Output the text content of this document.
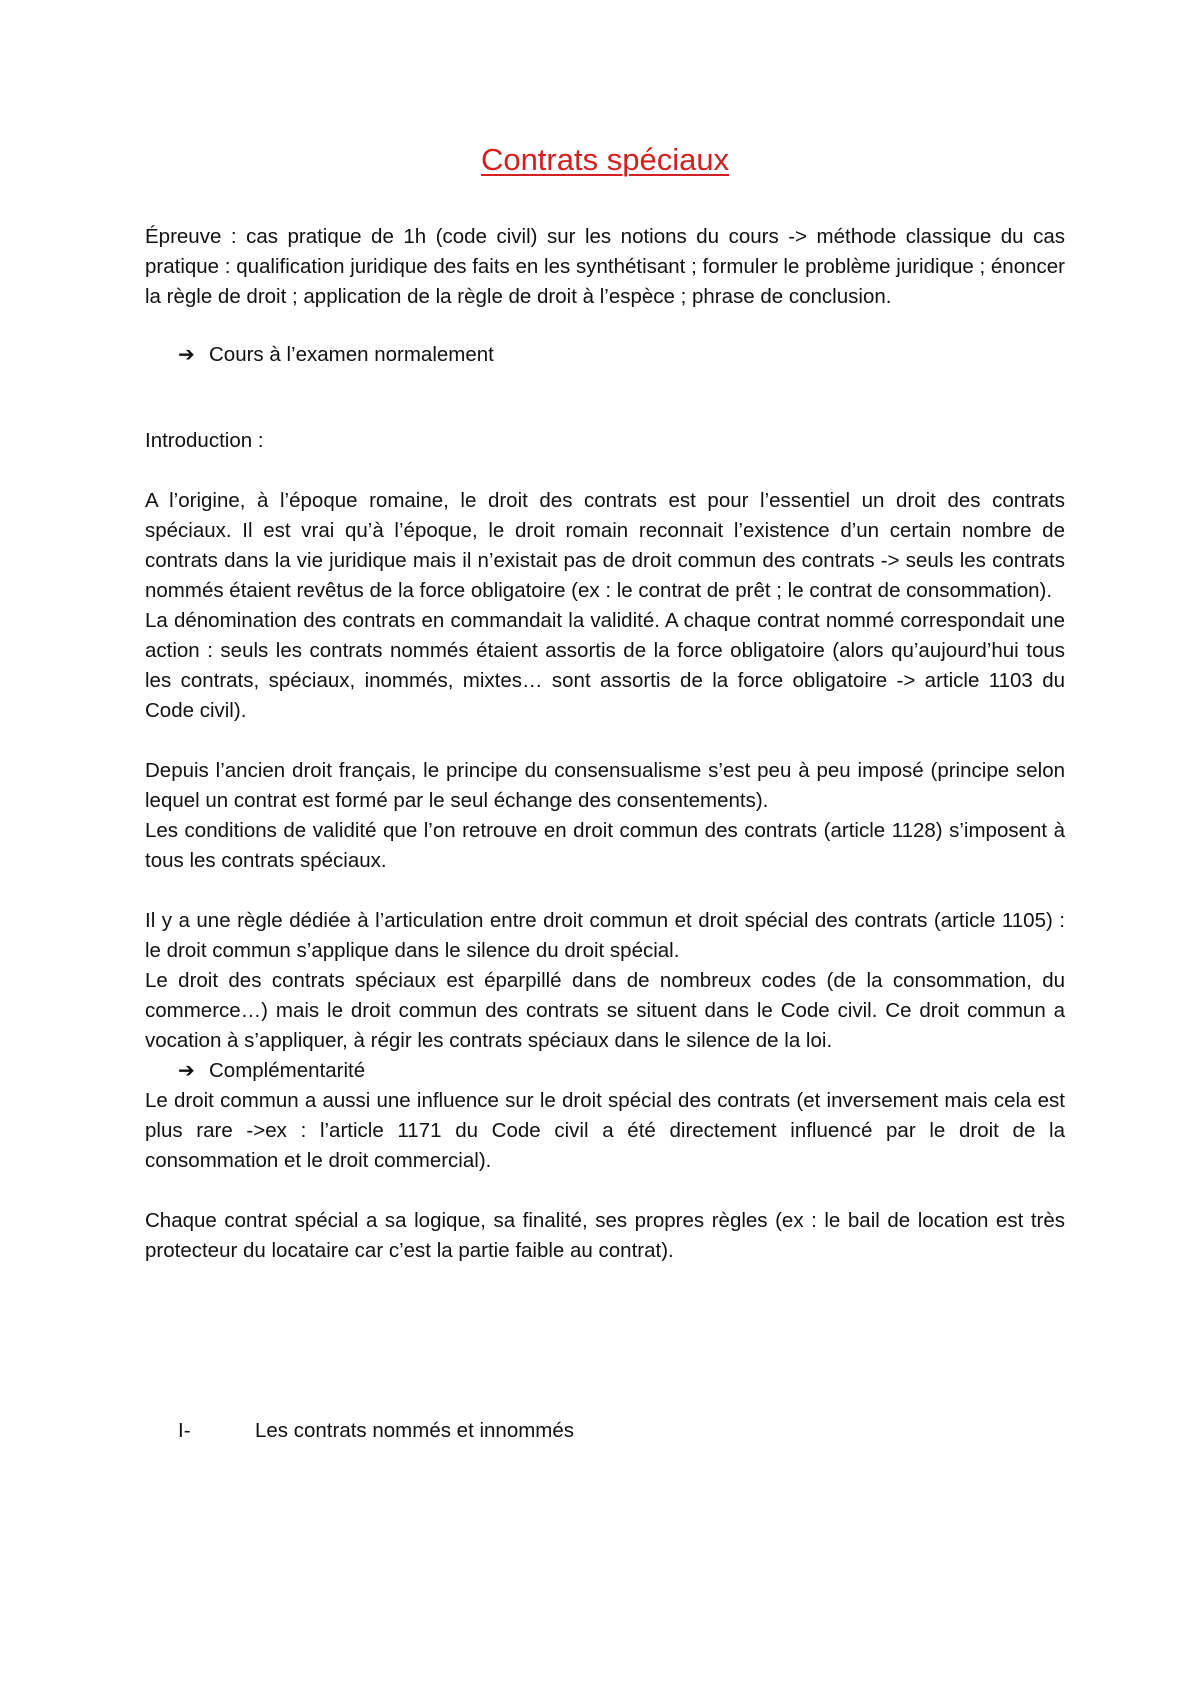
Contrats spéciaux

Épreuve : cas pratique de 1h (code civil) sur les notions du cours -> méthode classique du cas pratique : qualification juridique des faits en les synthétisant ; formuler le problème juridique ; énoncer la règle de droit ; application de la règle de droit à l’espèce ; phrase de conclusion.

➔ Cours à l’examen normalement

Introduction :

A l’origine, à l’époque romaine, le droit des contrats est pour l’essentiel un droit des contrats spéciaux. Il est vrai qu’à l’époque, le droit romain reconnait l’existence d’un certain nombre de contrats dans la vie juridique mais il n’existait pas de droit commun des contrats -> seuls les contrats nommés étaient revêtus de la force obligatoire (ex : le contrat de prêt ; le contrat de consommation).

La dénomination des contrats en commandait la validité. A chaque contrat nommé correspondait une action : seuls les contrats nommés étaient assortis de la force obligatoire (alors qu’aujourd’hui tous les contrats, spéciaux, inommés, mixtes… sont assortis de la force obligatoire -> article 1103 du Code civil).

Depuis l’ancien droit français, le principe du consensualisme s’est peu à peu imposé (principe selon lequel un contrat est formé par le seul échange des consentements).

Les conditions de validité que l’on retrouve en droit commun des contrats (article 1128) s’imposent à tous les contrats spéciaux.

Il y a une règle dédiée à l’articulation entre droit commun et droit spécial des contrats (article 1105) : le droit commun s’applique dans le silence du droit spécial.

Le droit des contrats spéciaux est éparpillé dans de nombreux codes (de la consommation, du commerce…) mais le droit commun des contrats se situent dans le Code civil. Ce droit commun a vocation à s’appliquer, à régir les contrats spéciaux dans le silence de la loi.

➔ Complémentarité

Le droit commun a aussi une influence sur le droit spécial des contrats (et inversement mais cela est plus rare ->ex : l’article 1171 du Code civil a été directement influencé par le droit de la consommation et le droit commercial).

Chaque contrat spécial a sa logique, sa finalité, ses propres règles (ex : le bail de location est très protecteur du locataire car c’est la partie faible au contrat).

I-	Les contrats nommés et innommés
